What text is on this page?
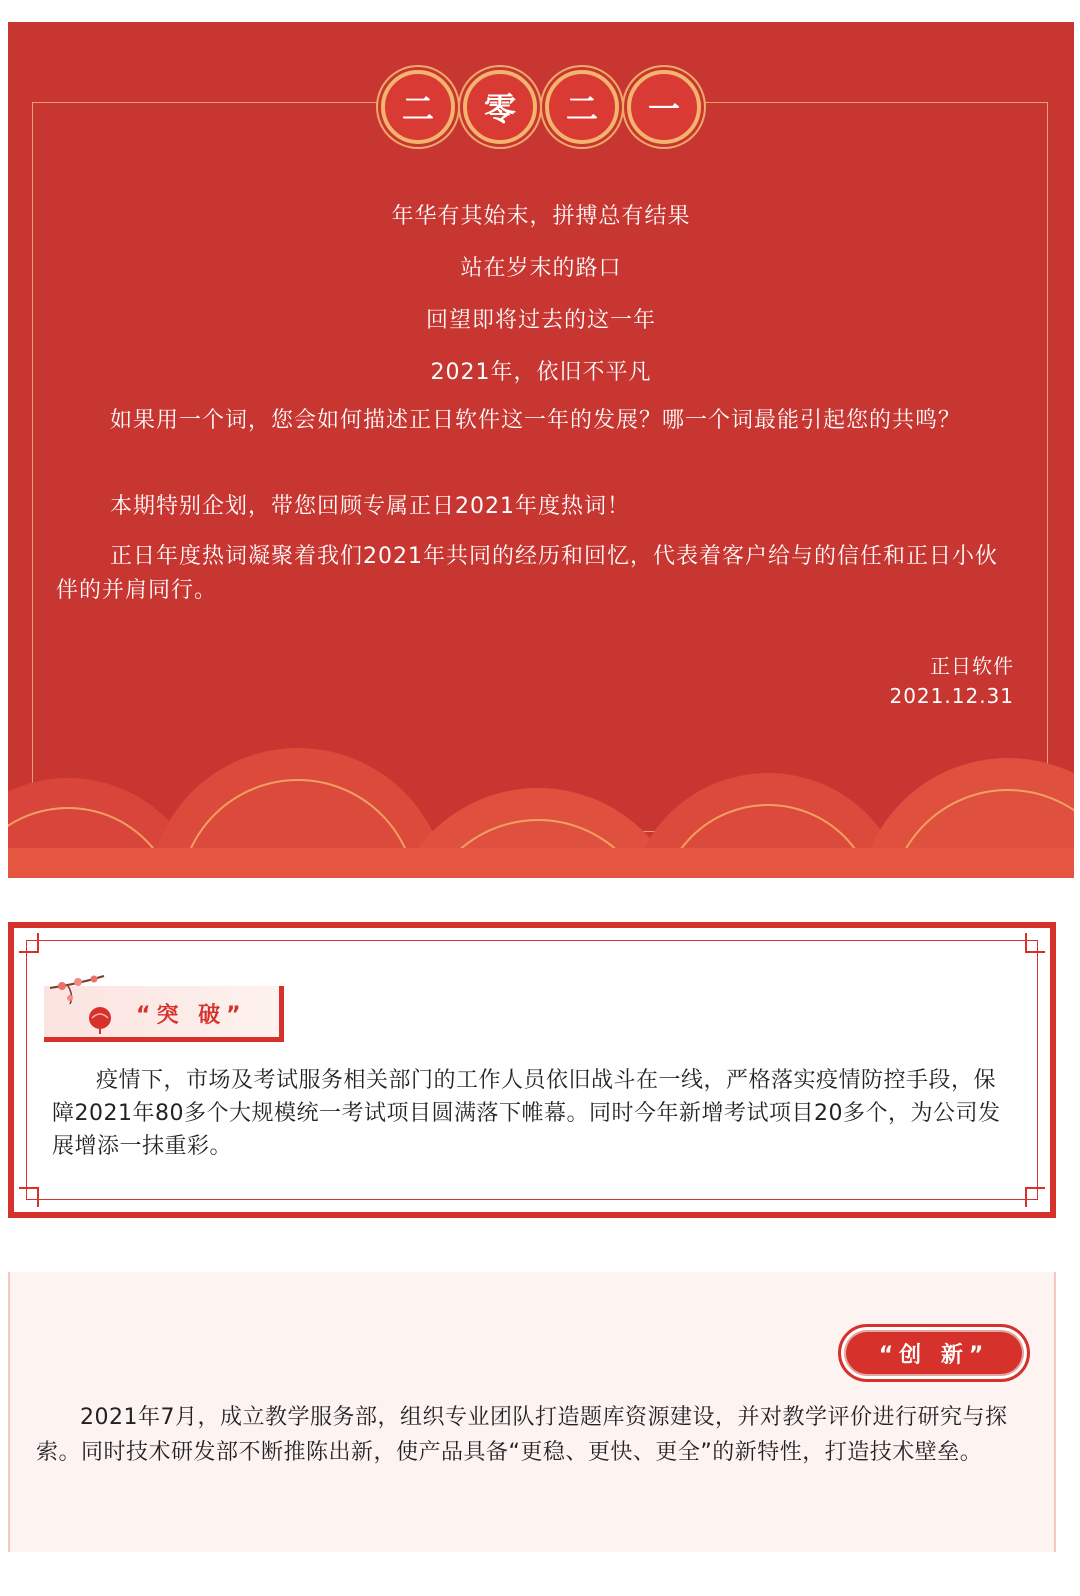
二	零	二	一

年华有其始末，拼搏总有结果

站在岁末的路口

回望即将过去的这一年

2021年，依旧不平凡

如果用一个词，您会如何描述正日软件这一年的发展？哪一个词最能引起您的共鸣？

本期特别企划，带您回顾专属正日2021年度热词！

正日年度热词凝聚着我们2021年共同的经历和回忆，代表着客户给与的信任和正日小伙伴的并肩同行。

正日软件
2021.12.31
“突 破”

疫情下，市场及考试服务相关部门的工作人员依旧战斗在一线，严格落实疫情防控手段，保障2021年80多个大规模统一考试项目圆满落下帷幕。同时今年新增考试项目20多个，为公司发展增添一抹重彩。

“创 新”

2021年7月，成立教学服务部，组织专业团队打造题库资源建设，并对教学评价进行研究与探索。同时技术研发部不断推陈出新，使产品具备“更稳、更快、更全”的新特性，打造技术壁垒。
